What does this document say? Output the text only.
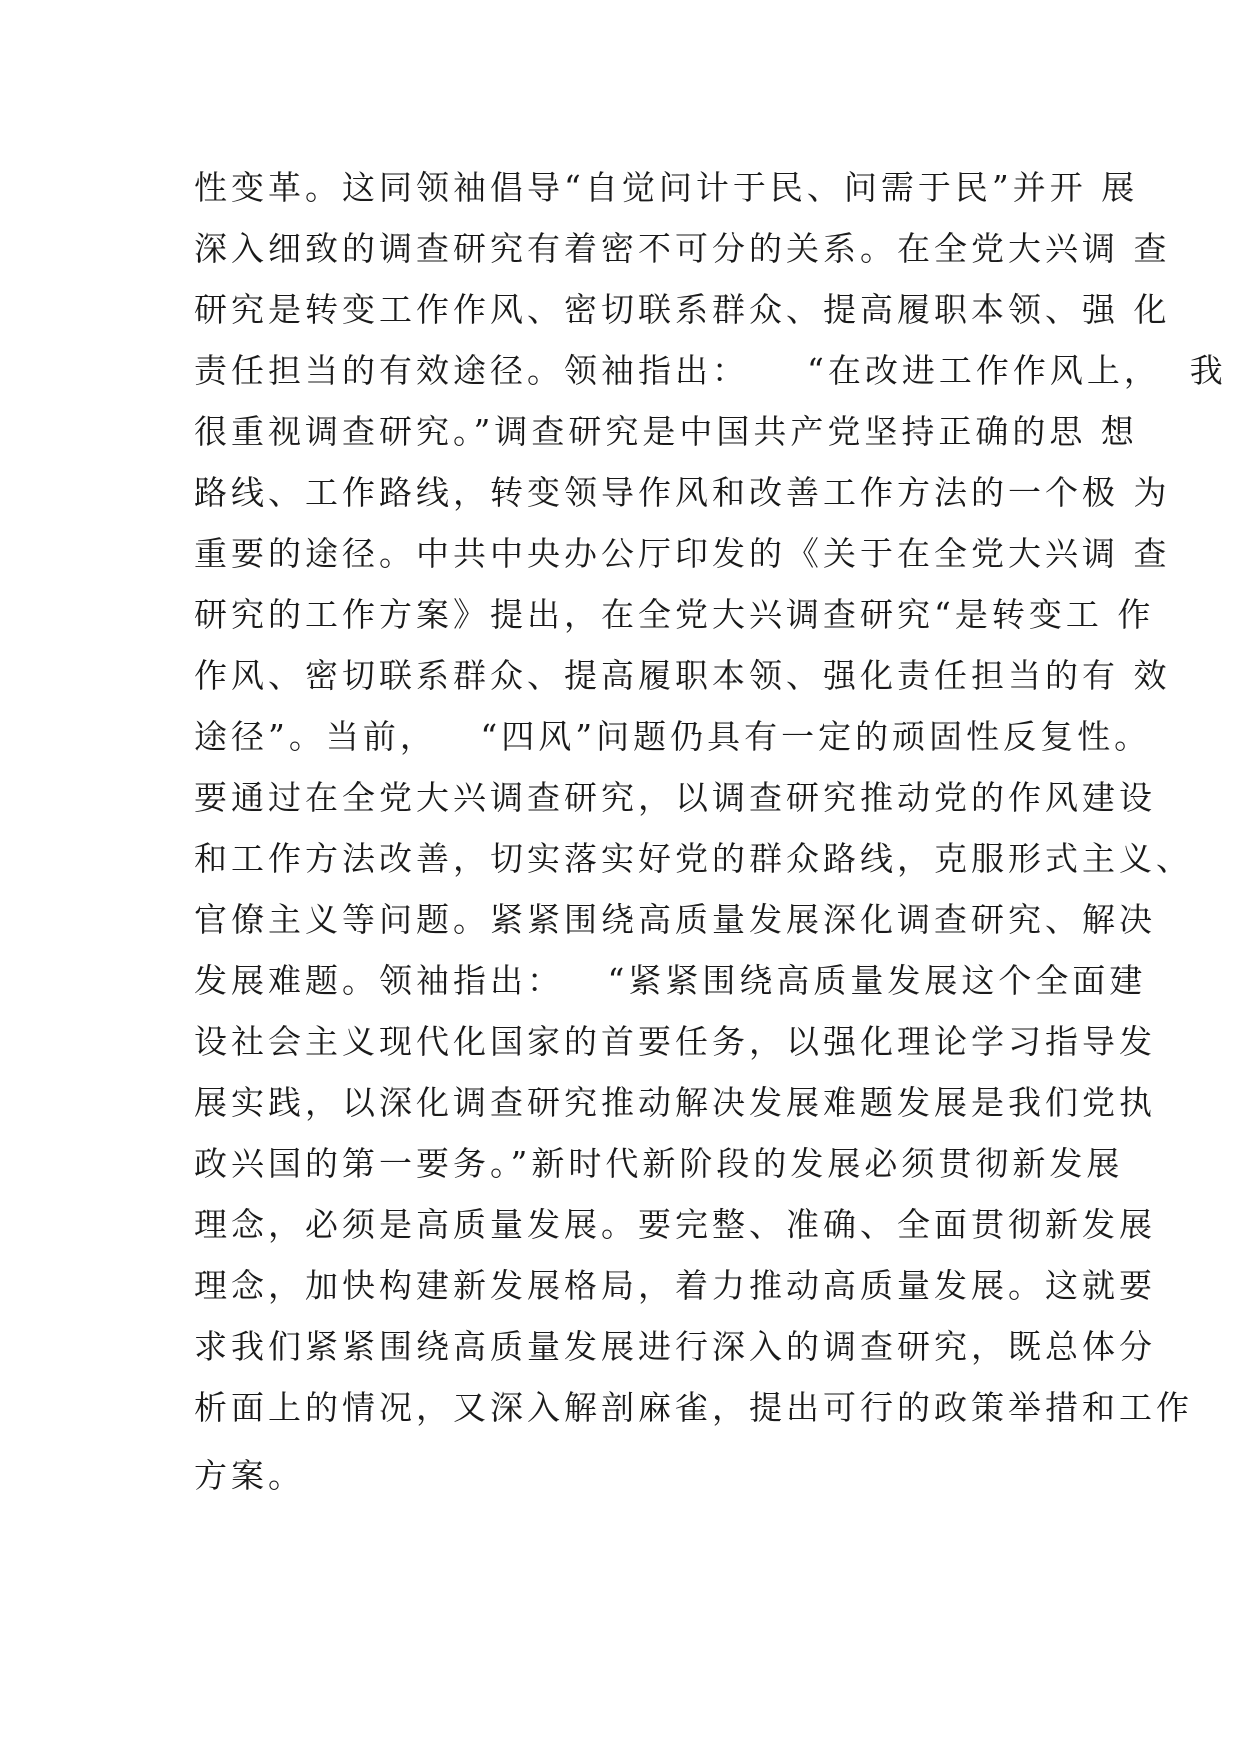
性变革。这同领袖倡导“自觉问计于民、问需于民”并开 展
深入细致的调查研究有着密不可分的关系。在全党大兴调 查
研究是转变工作作风、密切联系群众、提高履职本领、强 化
责任担当的有效途径。领袖指出：    “在改进工作作风上，  我
很重视调查研究。”调查研究是中国共产党坚持正确的思 想
路线、工作路线，转变领导作风和改善工作方法的一个极 为
重要的途径。中共中央办公厅印发的《关于在全党大兴调 查
研究的工作方案》提出，在全党大兴调查研究“是转变工 作
作风、密切联系群众、提高履职本领、强化责任担当的有 效
途径”。当前，   “四风”问题仍具有一定的顽固性反复性。
要通过在全党大兴调查研究，以调查研究推动党的作风建设
和工作方法改善，切实落实好党的群众路线，克服形式主义、
官僚主义等问题。紧紧围绕高质量发展深化调查研究、解决
发展难题。领袖指出：   “紧紧围绕高质量发展这个全面建
设社会主义现代化国家的首要任务，以强化理论学习指导发
展实践，以深化调查研究推动解决发展难题发展是我们党执
政兴国的第一要务。”新时代新阶段的发展必须贯彻新发展
理念，必须是高质量发展。要完整、准确、全面贯彻新发展
理念，加快构建新发展格局，着力推动高质量发展。这就要
求我们紧紧围绕高质量发展进行深入的调查研究，既总体分
析面上的情况，又深入解剖麻雀，提出可行的政策举措和工作
方案。
